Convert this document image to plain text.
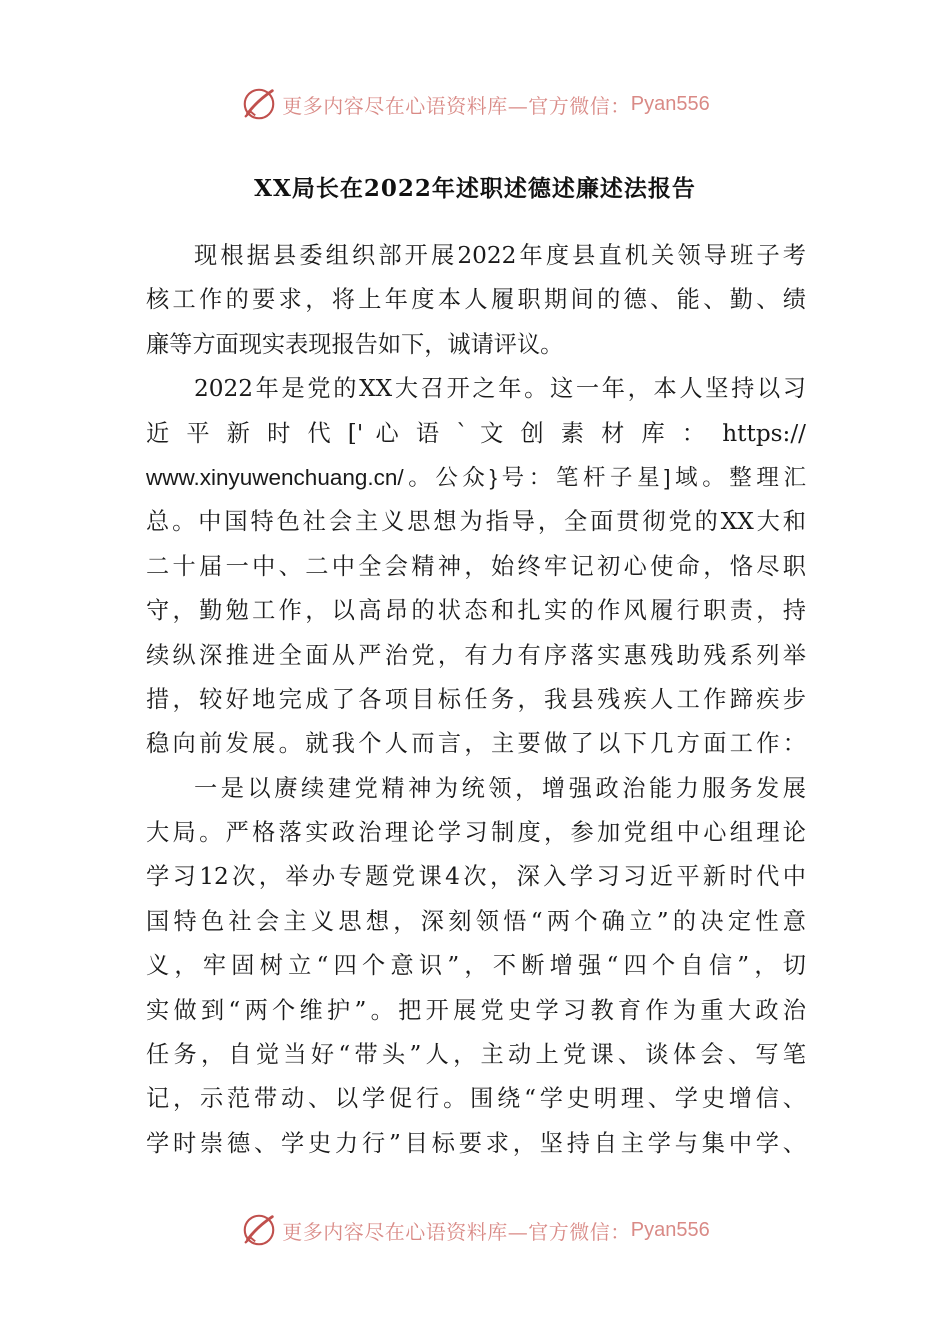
更多内容尽在心语资料库—官方微信： Pyan556
XX局长在2022年述职述德述廉述法报告
现根据县委组织部开展2022年度县直机关领导班子考
核工作的要求，将上年度本人履职期间的德、能、勤、绩
廉等方面现实表现报告如下，诚请评议。
2022年是党的XX大召开之年。这一年，本人坚持以习
近 平 新 时 代 [' 心 语 ` 文 创 素 材 库 ： https://
www.xinyuwenchuang.cn/。公众}号：笔杆子星]域。整理汇
总。中国特色社会主义思想为指导，全面贯彻党的XX大和
二十届一中、二中全会精神，始终牢记初心使命，恪尽职
守，勤勉工作，以高昂的状态和扎实的作风履行职责，持
续纵深推进全面从严治党，有力有序落实惠残助残系列举
措，较好地完成了各项目标任务，我县残疾人工作蹄疾步
稳向前发展。就我个人而言，主要做了以下几方面工作：
一是以赓续建党精神为统领，增强政治能力服务发展
大局。严格落实政治理论学习制度，参加党组中心组理论
学习12次，举办专题党课4次，深入学习习近平新时代中
国特色社会主义思想，深刻领悟“两个确立”的决定性意
义，牢固树立“四个意识”，不断增强“四个自信”，切
实做到“两个维护”。把开展党史学习教育作为重大政治
任务，自觉当好“带头”人，主动上党课、谈体会、写笔
记，示范带动、以学促行。围绕“学史明理、学史增信、
学时崇德、学史力行”目标要求，坚持自主学与集中学、
更多内容尽在心语资料库—官方微信： Pyan556
